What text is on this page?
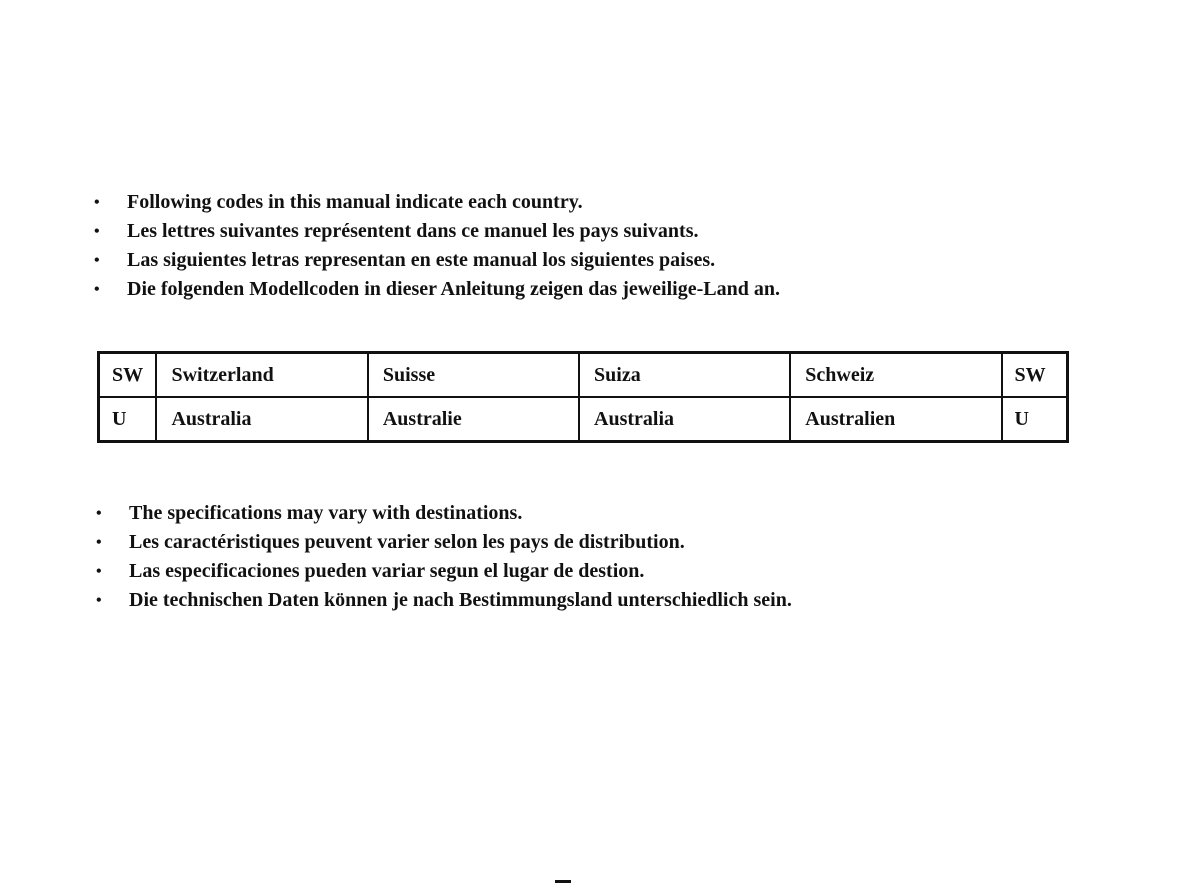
• Following codes in this manual indicate each country.
• Les lettres suivantes représentent dans ce manuel les pays suivants.
• Las siguientes letras representan en este manual los siguientes paises.
• Die folgenden Modellcoden in dieser Anleitung zeigen das jeweilige-Land an.
SW	Switzerland	Suisse	Suiza	Schweiz	SW
U	Australia	Australie	Australia	Australien	U
• The specifications may vary with destinations.
• Les caractéristiques peuvent varier selon les pays de distribution.
• Las especificaciones pueden variar segun el lugar de destion.
• Die technischen Daten können je nach Bestimmungsland unterschiedlich sein.
